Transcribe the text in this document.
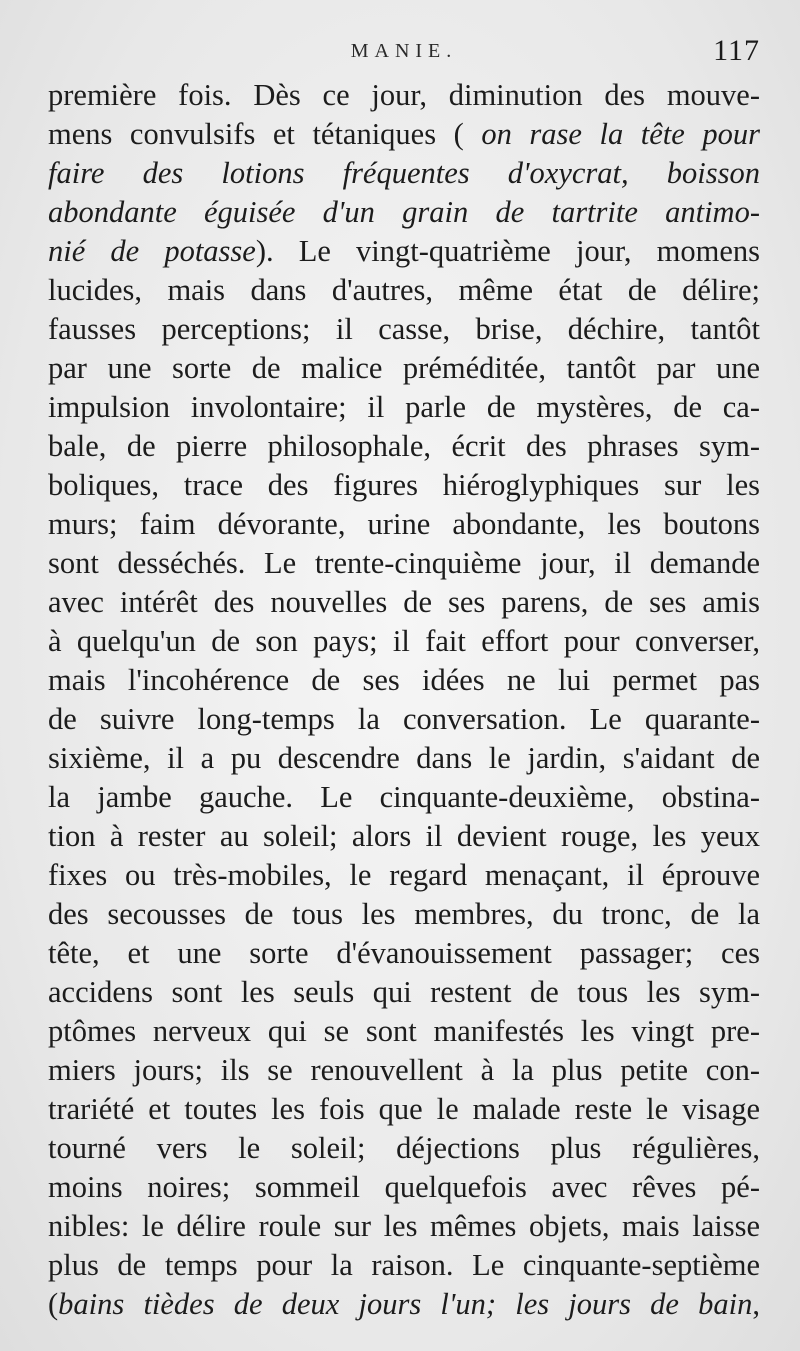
MANIE.	117
première fois. Dès ce jour, diminution des mouve-
mens convulsifs et tétaniques ( on rase la tête pour
faire des lotions fréquentes d'oxycrat, boisson
abondante éguisée d'un grain de tartrite antimo-
nié de potasse). Le vingt-quatrième jour, momens
lucides, mais dans d'autres, même état de délire;
fausses perceptions; il casse, brise, déchire, tantôt
par une sorte de malice préméditée, tantôt par une
impulsion involontaire; il parle de mystères, de ca-
bale, de pierre philosophale, écrit des phrases sym-
boliques, trace des figures hiéroglyphiques sur les
murs; faim dévorante, urine abondante, les boutons
sont desséchés. Le trente-cinquième jour, il demande
avec intérêt des nouvelles de ses parens, de ses amis
à quelqu'un de son pays; il fait effort pour converser,
mais l'incohérence de ses idées ne lui permet pas
de suivre long-temps la conversation. Le quarante-
sixième, il a pu descendre dans le jardin, s'aidant de
la jambe gauche. Le cinquante-deuxième, obstina-
tion à rester au soleil; alors il devient rouge, les yeux
fixes ou très-mobiles, le regard menaçant, il éprouve
des secousses de tous les membres, du tronc, de la
tête, et une sorte d'évanouissement passager; ces
accidens sont les seuls qui restent de tous les sym-
ptômes nerveux qui se sont manifestés les vingt pre-
miers jours; ils se renouvellent à la plus petite con-
trariété et toutes les fois que le malade reste le visage
tourné vers le soleil; déjections plus régulières,
moins noires; sommeil quelquefois avec rêves pé-
nibles: le délire roule sur les mêmes objets, mais laisse
plus de temps pour la raison. Le cinquante-septième
(bains tièdes de deux jours l'un; les jours de bain,
